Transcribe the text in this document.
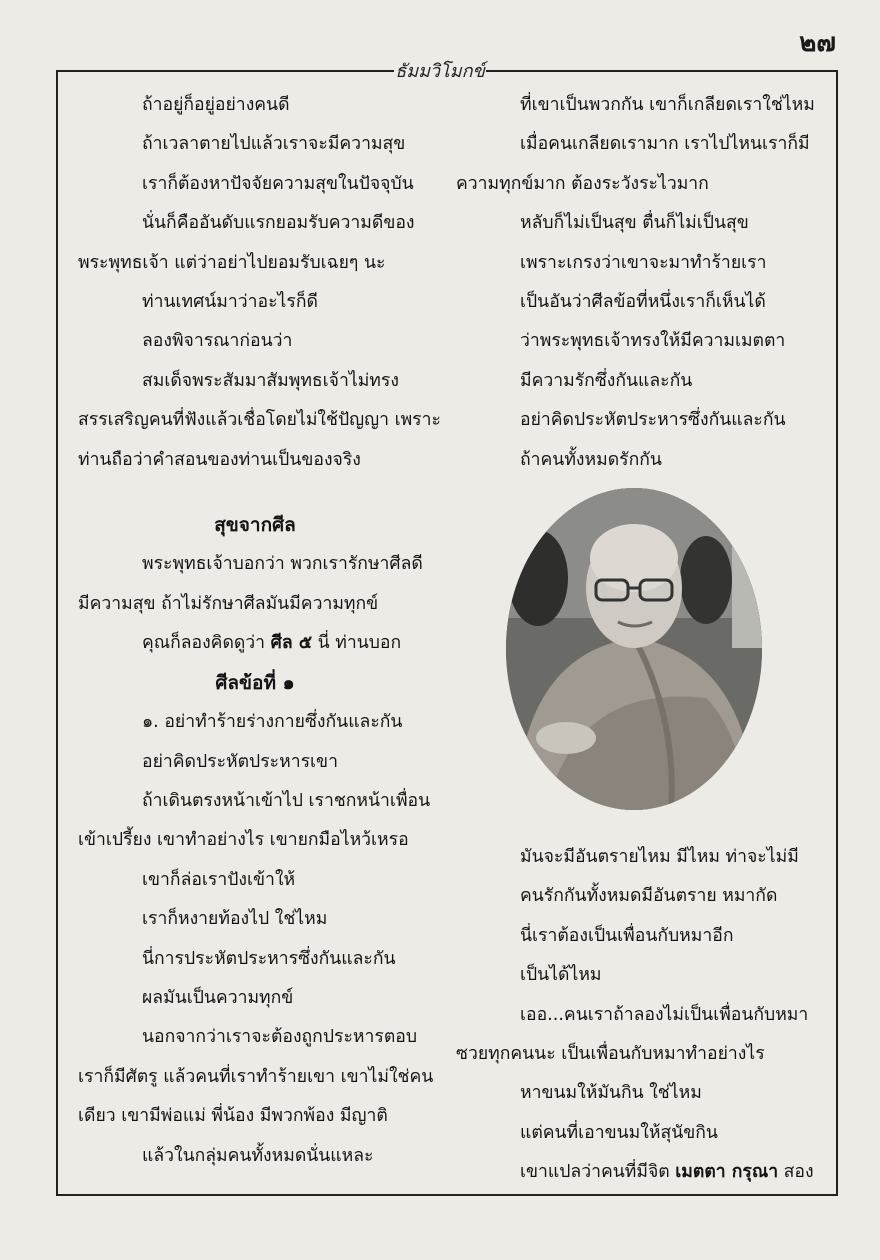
๒๗
ธัมมวิโมกข์
ถ้าอยู่ก็อยู่อย่างคนดี
ถ้าเวลาตายไปแล้วเราจะมีความสุข
เราก็ต้องหาปัจจัยความสุขในปัจจุบัน
นั่นก็คืออันดับแรกยอมรับความดีของ
พระพุทธเจ้า แต่ว่าอย่าไปยอมรับเฉยๆ นะ
ท่านเทศน์มาว่าอะไรก็ดี
ลองพิจารณาก่อนว่า
สมเด็จพระสัมมาสัมพุทธเจ้าไม่ทรง
สรรเสริญคนที่ฟังแล้วเชื่อโดยไม่ใช้ปัญญา เพราะ
ท่านถือว่าคำสอนของท่านเป็นของจริง
สุขจากศีล
พระพุทธเจ้าบอกว่า พวกเรารักษาศีลดี
มีความสุข ถ้าไม่รักษาศีลมันมีความทุกข์
คุณก็ลองคิดดูว่า ศีล ๕ นี่ ท่านบอก
ศีลข้อที่ ๑
๑. อย่าทำร้ายร่างกายซึ่งกันและกัน
อย่าคิดประหัตประหารเขา
ถ้าเดินตรงหน้าเข้าไป เราชกหน้าเพื่อน
เข้าเปรี้ยง เขาทำอย่างไร เขายกมือไหว้เหรอ
เขาก็ล่อเราปังเข้าให้
เราก็หงายท้องไป ใช่ไหม
นี่การประหัตประหารซึ่งกันและกัน
ผลมันเป็นความทุกข์
นอกจากว่าเราจะต้องถูกประหารตอบ
เราก็มีศัตรู แล้วคนที่เราทำร้ายเขา เขาไม่ใช่คน
เดียว เขามีพ่อแม่ พี่น้อง มีพวกพ้อง มีญาติ
แล้วในกลุ่มคนทั้งหมดนั่นแหละ
ที่เขาเป็นพวกกัน เขาก็เกลียดเราใช่ไหม
เมื่อคนเกลียดเรามาก เราไปไหนเราก็มี
ความทุกข์มาก ต้องระวังระไวมาก
หลับก็ไม่เป็นสุข ตื่นก็ไม่เป็นสุข
เพราะเกรงว่าเขาจะมาทำร้ายเรา
เป็นอันว่าศีลข้อที่หนึ่งเราก็เห็นได้
ว่าพระพุทธเจ้าทรงให้มีความเมตตา
มีความรักซึ่งกันและกัน
อย่าคิดประหัตประหารซึ่งกันและกัน
ถ้าคนทั้งหมดรักกัน
มันจะมีอันตรายไหม มีไหม ท่าจะไม่มี
คนรักกันทั้งหมดมีอันตราย หมากัด
นี่เราต้องเป็นเพื่อนกับหมาอีก
เป็นได้ไหม
เออ...คนเราถ้าลองไม่เป็นเพื่อนกับหมา
ซวยทุกคนนะ เป็นเพื่อนกับหมาทำอย่างไร
หาขนมให้มันกิน ใช่ไหม
แต่คนที่เอาขนมให้สุนัขกิน
เขาแปลว่าคนที่มีจิต เมตตา กรุณา สอง
